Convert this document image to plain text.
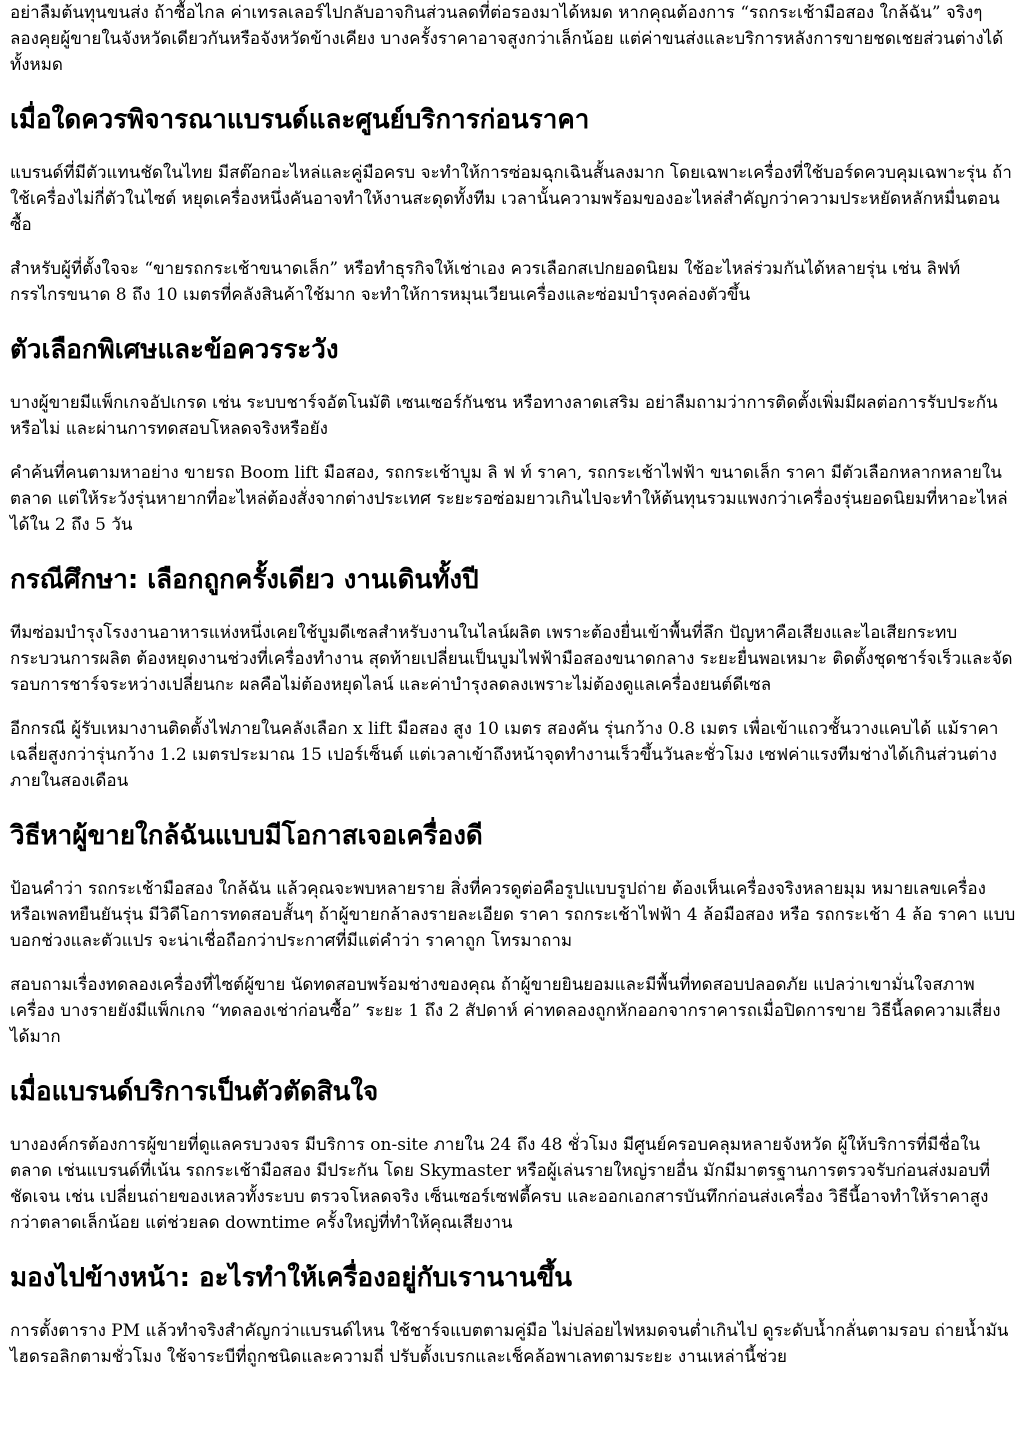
อย่าลืมต้นทุนขนส่ง ถ้าซื้อไกล ค่าเทรลเลอร์ไปกลับอาจกินส่วนลดที่ต่อรองมาได้หมด หากคุณต้องการ “รถกระเช้ามือสอง ใกล้ฉัน” จริงๆ ลองคุยผู้ขายในจังหวัดเดียวกันหรือจังหวัดข้างเคียง บางครั้งราคาอาจสูงกว่าเล็กน้อย แต่ค่าขนส่งและบริการหลังการขายชดเชยส่วนต่างได้ทั้งหมด

เมื่อใดควรพิจารณาแบรนด์และศูนย์บริการก่อนราคา

แบรนด์ที่มีตัวแทนชัดในไทย มีสต๊อกอะไหล่และคู่มือครบ จะทำให้การซ่อมฉุกเฉินสั้นลงมาก โดยเฉพาะเครื่องที่ใช้บอร์ดควบคุมเฉพาะรุ่น ถ้าใช้เครื่องไม่กี่ตัวในไซต์ หยุดเครื่องหนึ่งคันอาจทำให้งานสะดุดทั้งทีม เวลานั้นความพร้อมของอะไหล่สำคัญกว่าความประหยัดหลักหมื่นตอนซื้อ

สำหรับผู้ที่ตั้งใจจะ “ขายรถกระเช้าขนาดเล็ก” หรือทำธุรกิจให้เช่าเอง ควรเลือกสเปกยอดนิยม ใช้อะไหล่ร่วมกันได้หลายรุ่น เช่น ลิฟท์กรรไกรขนาด 8 ถึง 10 เมตรที่คลังสินค้าใช้มาก จะทำให้การหมุนเวียนเครื่องและซ่อมบำรุงคล่องตัวขึ้น

ตัวเลือกพิเศษและข้อควรระวัง

บางผู้ขายมีแพ็กเกจอัปเกรด เช่น ระบบชาร์จอัตโนมัติ เซนเซอร์กันชน หรือทางลาดเสริม อย่าลืมถามว่าการติดตั้งเพิ่มมีผลต่อการรับประกันหรือไม่ และผ่านการทดสอบโหลดจริงหรือยัง

คำค้นที่คนตามหาอย่าง ขายรถ Boom lift มือสอง, รถกระเช้าบูม ลิ ฟ ท์ ราคา, รถกระเช้าไฟฟ้า ขนาดเล็ก ราคา มีตัวเลือกหลากหลายในตลาด แต่ให้ระวังรุ่นหายากที่อะไหล่ต้องสั่งจากต่างประเทศ ระยะรอซ่อมยาวเกินไปจะทำให้ต้นทุนรวมแพงกว่าเครื่องรุ่นยอดนิยมที่หาอะไหล่ได้ใน 2 ถึง 5 วัน

กรณีศึกษา: เลือกถูกครั้งเดียว งานเดินทั้งปี

ทีมซ่อมบำรุงโรงงานอาหารแห่งหนึ่งเคยใช้บูมดีเซลสำหรับงานในไลน์ผลิต เพราะต้องยื่นเข้าพื้นที่ลึก ปัญหาคือเสียงและไอเสียกระทบกระบวนการผลิต ต้องหยุดงานช่วงที่เครื่องทำงาน สุดท้ายเปลี่ยนเป็นบูมไฟฟ้ามือสองขนาดกลาง ระยะยื่นพอเหมาะ ติดตั้งชุดชาร์จเร็วและจัดรอบการชาร์จระหว่างเปลี่ยนกะ ผลคือไม่ต้องหยุดไลน์ และค่าบำรุงลดลงเพราะไม่ต้องดูแลเครื่องยนต์ดีเซล

อีกกรณี ผู้รับเหมางานติดตั้งไฟภายในคลังเลือก x lift มือสอง สูง 10 เมตร สองคัน รุ่นกว้าง 0.8 เมตร เพื่อเข้าแถวชั้นวางแคบได้ แม้ราคาเฉลี่ยสูงกว่ารุ่นกว้าง 1.2 เมตรประมาณ 15 เปอร์เซ็นต์ แต่เวลาเข้าถึงหน้าจุดทำงานเร็วขึ้นวันละชั่วโมง เซฟค่าแรงทีมช่างได้เกินส่วนต่างภายในสองเดือน

วิธีหาผู้ขายใกล้ฉันแบบมีโอกาสเจอเครื่องดี

ป้อนคำว่า รถกระเช้ามือสอง ใกล้ฉัน แล้วคุณจะพบหลายราย สิ่งที่ควรดูต่อคือรูปแบบรูปถ่าย ต้องเห็นเครื่องจริงหลายมุม หมายเลขเครื่อง หรือเพลทยืนยันรุ่น มีวิดีโอการทดสอบสั้นๆ ถ้าผู้ขายกล้าลงรายละเอียด ราคา รถกระเช้าไฟฟ้า 4 ล้อมือสอง หรือ รถกระเช้า 4 ล้อ ราคา แบบบอกช่วงและตัวแปร จะน่าเชื่อถือกว่าประกาศที่มีแต่คำว่า ราคาถูก โทรมาถาม

สอบถามเรื่องทดลองเครื่องที่ไซต์ผู้ขาย นัดทดสอบพร้อมช่างของคุณ ถ้าผู้ขายยินยอมและมีพื้นที่ทดสอบปลอดภัย แปลว่าเขามั่นใจสภาพเครื่อง บางรายยังมีแพ็กเกจ “ทดลองเช่าก่อนซื้อ” ระยะ 1 ถึง 2 สัปดาห์ ค่าทดลองถูกหักออกจากราคารถเมื่อปิดการขาย วิธีนี้ลดความเสี่ยงได้มาก

เมื่อแบรนด์บริการเป็นตัวตัดสินใจ

บางองค์กรต้องการผู้ขายที่ดูแลครบวงจร มีบริการ on-site ภายใน 24 ถึง 48 ชั่วโมง มีศูนย์ครอบคลุมหลายจังหวัด ผู้ให้บริการที่มีชื่อในตลาด เช่นแบรนด์ที่เน้น รถกระเช้ามือสอง มีประกัน โดย Skymaster หรือผู้เล่นรายใหญ่รายอื่น มักมีมาตรฐานการตรวจรับก่อนส่งมอบที่ชัดเจน เช่น เปลี่ยนถ่ายของเหลวทั้งระบบ ตรวจโหลดจริง เซ็นเซอร์เซฟตี้ครบ และออกเอกสารบันทึกก่อนส่งเครื่อง วิธีนี้อาจทำให้ราคาสูงกว่าตลาดเล็กน้อย แต่ช่วยลด downtime ครั้งใหญ่ที่ทำให้คุณเสียงาน

มองไปข้างหน้า: อะไรทำให้เครื่องอยู่กับเรานานขึ้น

การตั้งตาราง PM แล้วทำจริงสำคัญกว่าแบรนด์ไหน ใช้ชาร์จแบตตามคู่มือ ไม่ปล่อยไฟหมดจนต่ำเกินไป ดูระดับน้ำกลั่นตามรอบ ถ่ายน้ำมันไฮดรอลิกตามชั่วโมง ใช้จาระบีที่ถูกชนิดและความถี่ ปรับตั้งเบรกและเช็คล้อพาเลทตามระยะ งานเหล่านี้ช่วย
